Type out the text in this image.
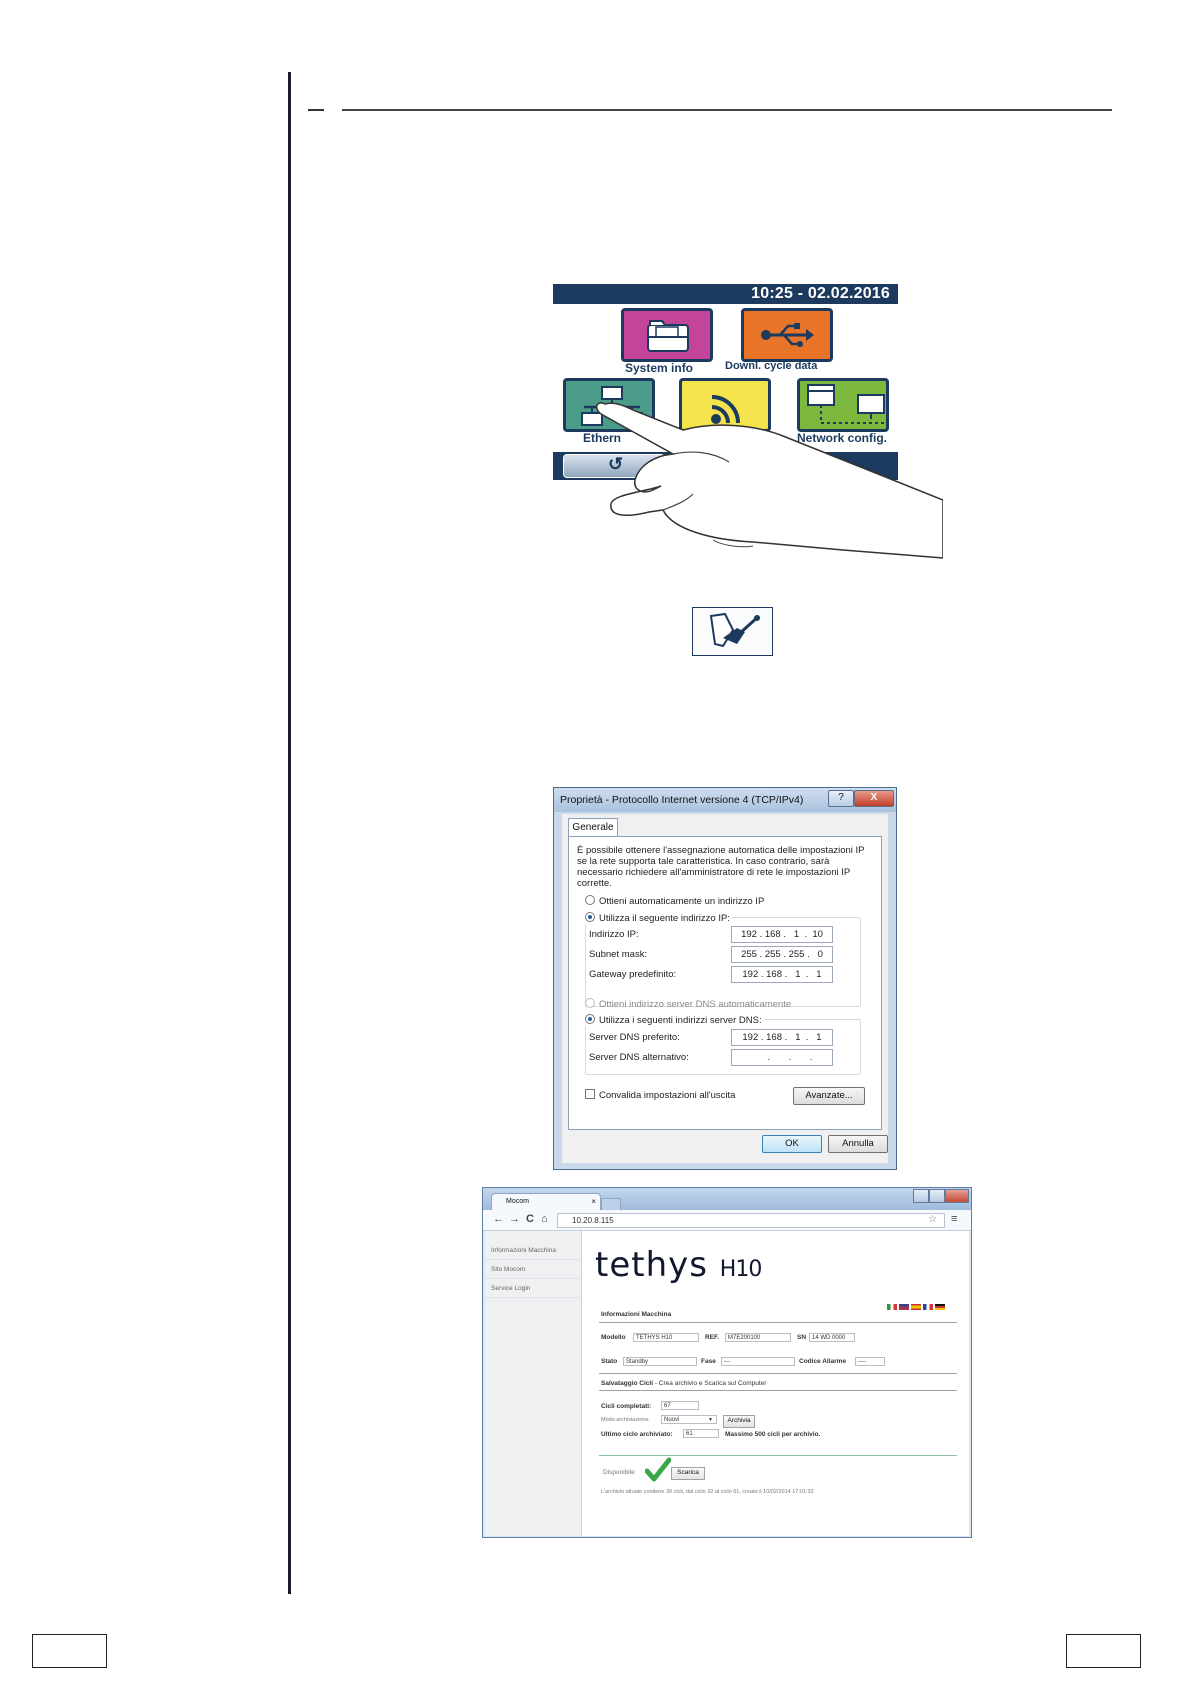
10:25 - 02.02.2016
System info	Downl. cycle data
Ethern	Network config.
↺
Proprietà - Protocollo Internet versione 4 (TCP/IPv4)	?	X
Generale
È possibile ottenere l'assegnazione automatica delle impostazioni IP se la rete supporta tale caratteristica. In caso contrario, sarà necessario richiedere all'amministratore di rete le impostazioni IP corrette.
Ottieni automaticamente un indirizzo IP
Utilizza il seguente indirizzo IP:
Indirizzo IP:	192 . 168 .   1  .  10
Subnet mask:	255 . 255 . 255 .   0
Gateway predefinito:	192 . 168 .   1  .   1
Ottieni indirizzo server DNS automaticamente
Utilizza i seguenti indirizzi server DNS:
Server DNS preferito:	192 . 168 .   1  .   1
Server DNS alternativo:	.       .       .
Convalida impostazioni all'uscita	Avanzate...
OK	Annulla
Mocom	×
← → C ⌂	10.20.8.115	☆ ≡
Informazioni Macchina
Sito Mocom
Service Login
tethys H10
Informazioni Macchina
Modello	TETHYS H10	REF.	M7E200100	SN 14 WD 0000
Stato	Standby	Fase	---	Codice Allarme	----
Salvataggio Cicli - Crea archivio e Scarica sul Computer
Cicli completati:	67
Modo archiviazione:	Nuovi	▼	Archivia
Ultimo ciclo archiviato:	61	Massimo 500 cicli per archivio.
Disponibile	Scarica
L'archivio attuale contiene 30 cicli, dal ciclo 32 al ciclo 61, creato il 10/02/2014 17:01:32
